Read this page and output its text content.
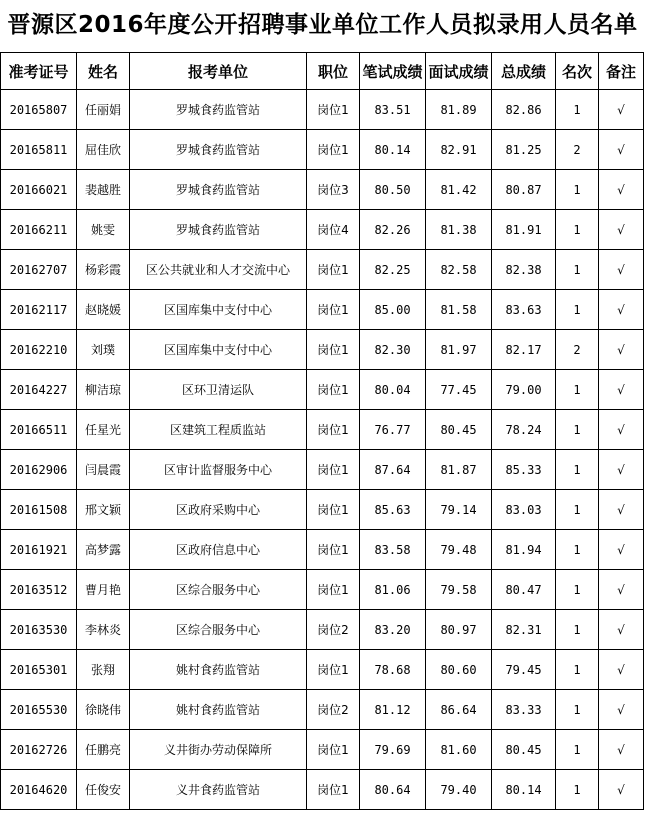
晋源区2016年度公开招聘事业单位工作人员拟录用人员名单
准考证号	姓名	报考单位	职位	笔试成绩	面试成绩	总成绩	名次	备注
20165807	任丽娟	罗城食药监管站	岗位1	83.51	81.89	82.86	1	√
20165811	屈佳欣	罗城食药监管站	岗位1	80.14	82.91	81.25	2	√
20166021	裴越胜	罗城食药监管站	岗位3	80.50	81.42	80.87	1	√
20166211	姚雯	罗城食药监管站	岗位4	82.26	81.38	81.91	1	√
20162707	杨彩霞	区公共就业和人才交流中心	岗位1	82.25	82.58	82.38	1	√
20162117	赵晓媛	区国库集中支付中心	岗位1	85.00	81.58	83.63	1	√
20162210	刘璞	区国库集中支付中心	岗位1	82.30	81.97	82.17	2	√
20164227	柳洁琼	区环卫清运队	岗位1	80.04	77.45	79.00	1	√
20166511	任星光	区建筑工程质监站	岗位1	76.77	80.45	78.24	1	√
20162906	闫晨霞	区审计监督服务中心	岗位1	87.64	81.87	85.33	1	√
20161508	邢文颖	区政府采购中心	岗位1	85.63	79.14	83.03	1	√
20161921	高梦露	区政府信息中心	岗位1	83.58	79.48	81.94	1	√
20163512	曹月艳	区综合服务中心	岗位1	81.06	79.58	80.47	1	√
20163530	李林炎	区综合服务中心	岗位2	83.20	80.97	82.31	1	√
20165301	张翔	姚村食药监管站	岗位1	78.68	80.60	79.45	1	√
20165530	徐晓伟	姚村食药监管站	岗位2	81.12	86.64	83.33	1	√
20162726	任鹏亮	义井街办劳动保障所	岗位1	79.69	81.60	80.45	1	√
20164620	任俊安	义井食药监管站	岗位1	80.64	79.40	80.14	1	√
